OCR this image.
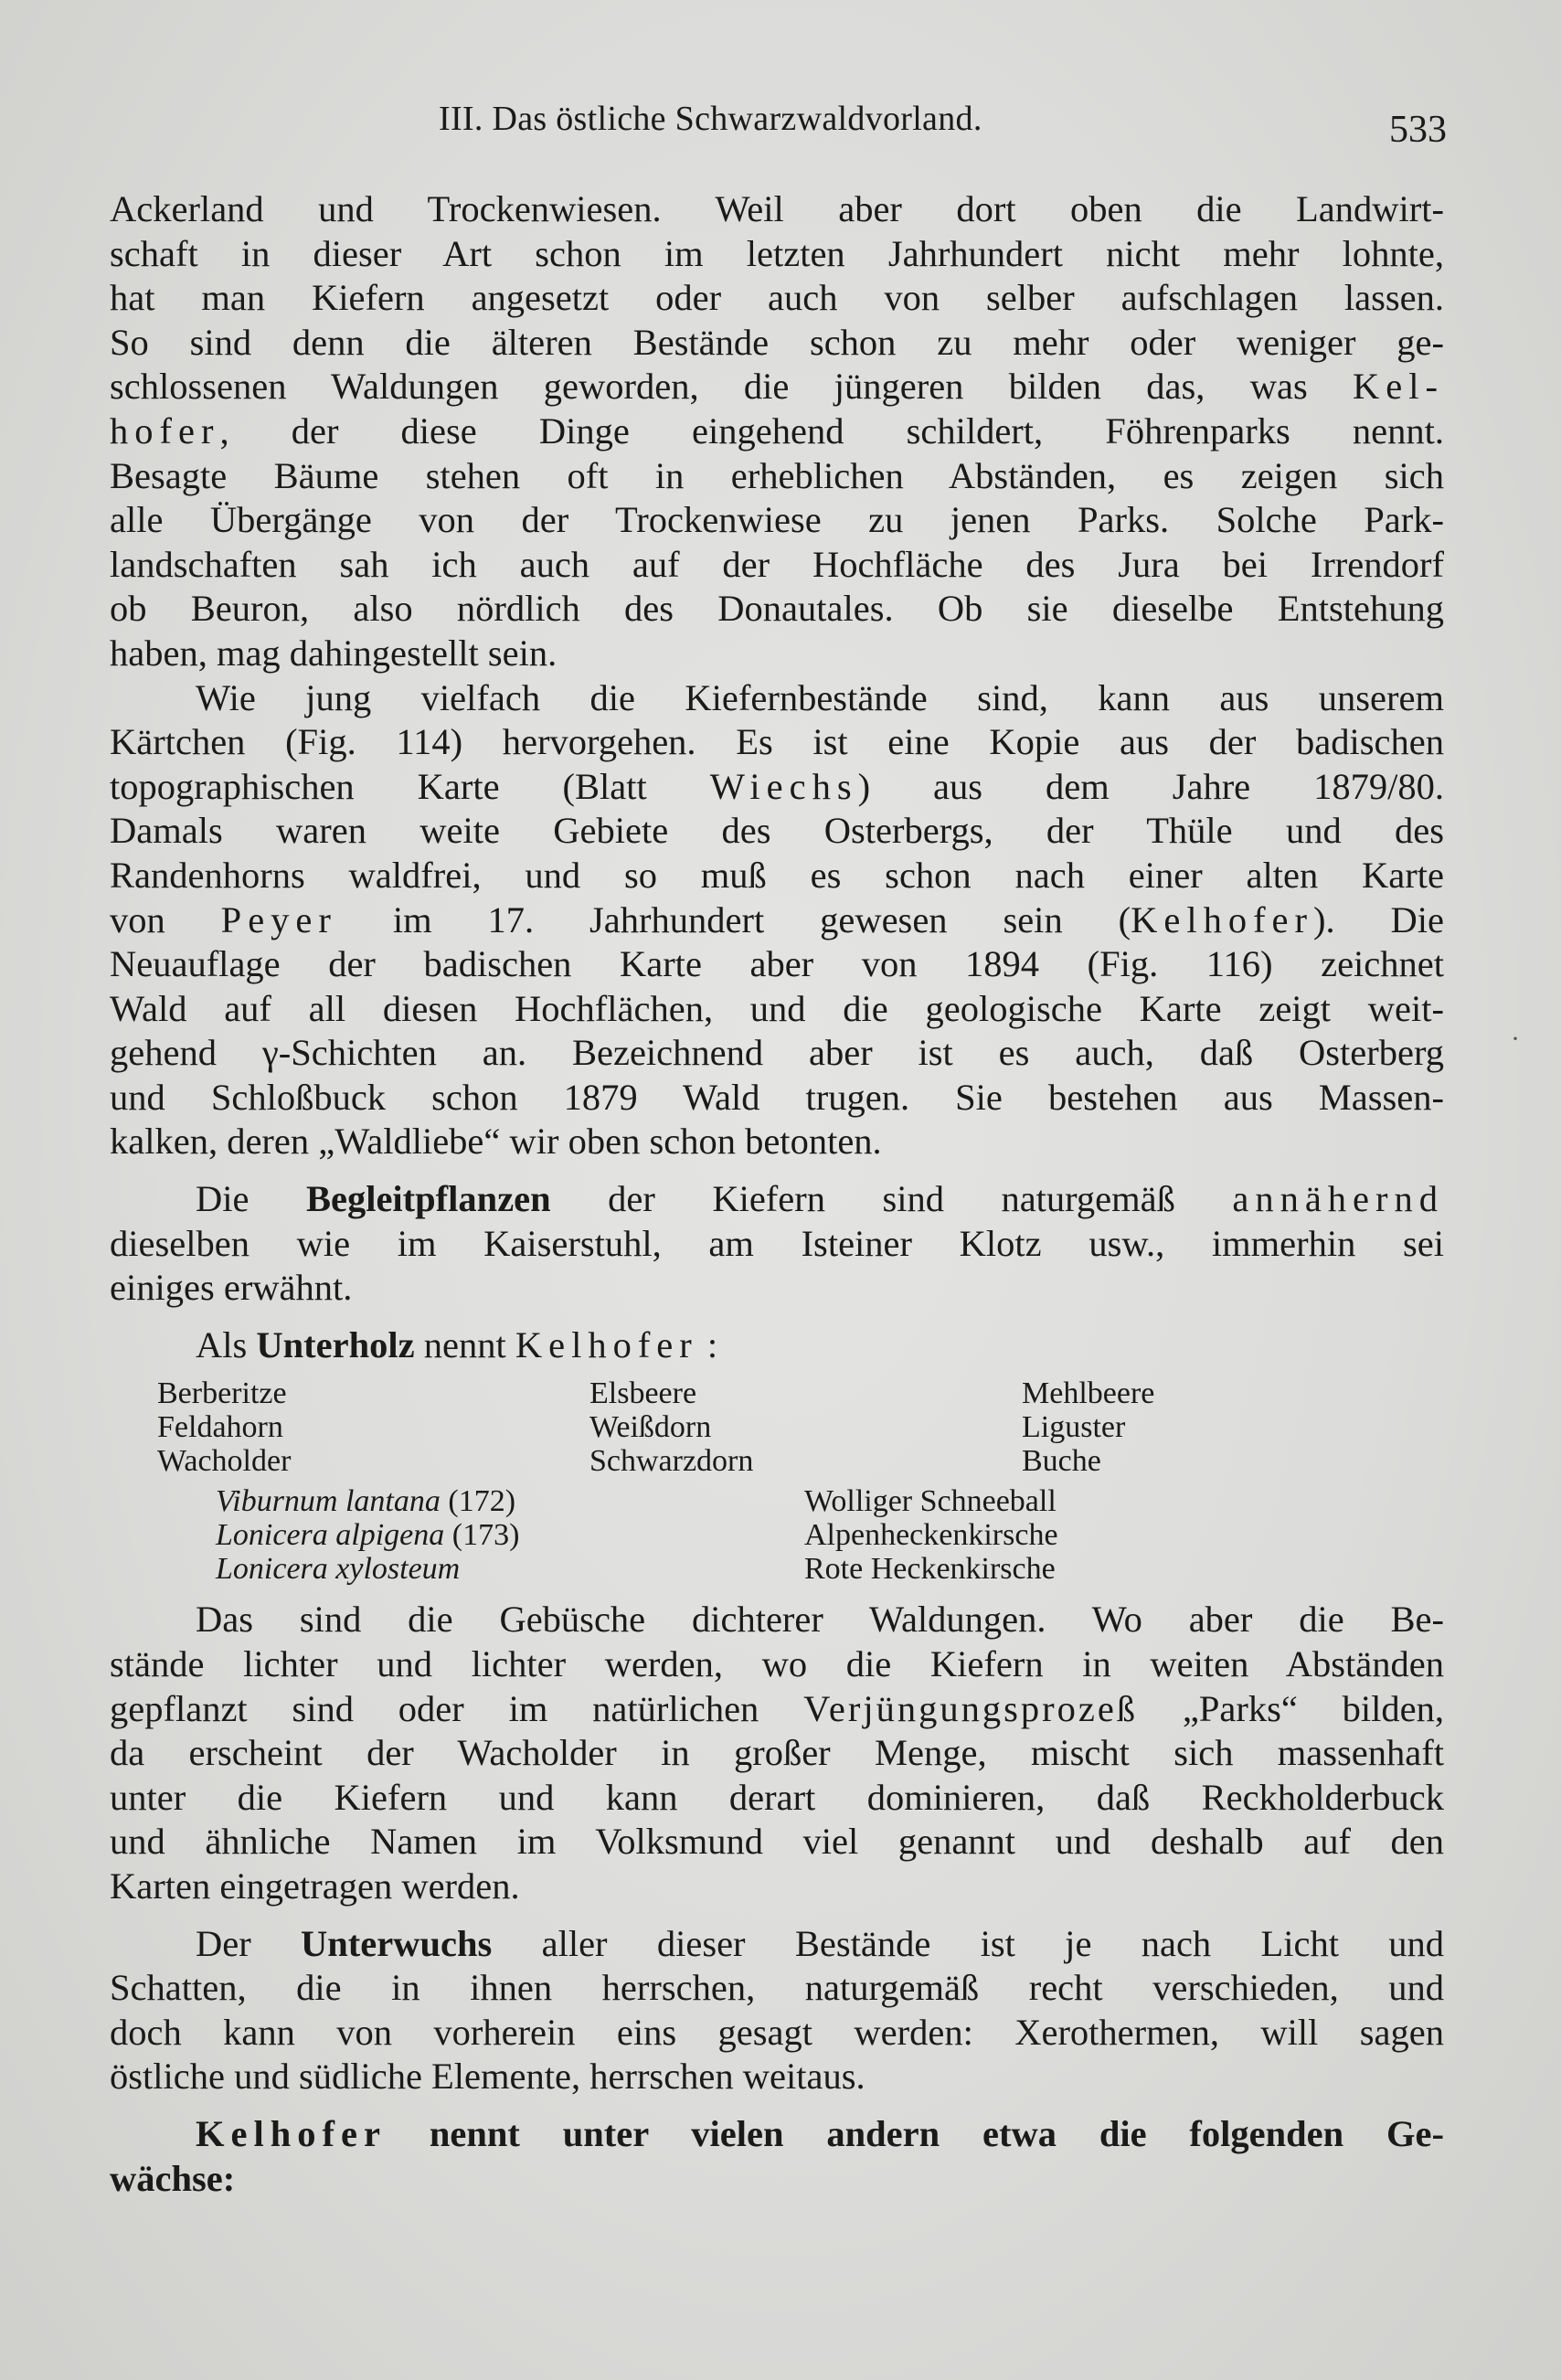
III. Das östliche Schwarzwaldvorland.	533
Ackerland und Trockenwiesen. Weil aber dort oben die Landwirt-
schaft in dieser Art schon im letzten Jahrhundert nicht mehr lohnte,
hat man Kiefern angesetzt oder auch von selber aufschlagen lassen.
So sind denn die älteren Bestände schon zu mehr oder weniger ge-
schlossenen Waldungen geworden, die jüngeren bilden das, was Kel-
hofer, der diese Dinge eingehend schildert, Föhrenparks nennt.
Besagte Bäume stehen oft in erheblichen Abständen, es zeigen sich
alle Übergänge von der Trockenwiese zu jenen Parks. Solche Park-
landschaften sah ich auch auf der Hochfläche des Jura bei Irrendorf
ob Beuron, also nördlich des Donautales. Ob sie dieselbe Entstehung
haben, mag dahingestellt sein.
Wie jung vielfach die Kiefernbestände sind, kann aus unserem
Kärtchen (Fig. 114) hervorgehen. Es ist eine Kopie aus der badischen
topographischen Karte (Blatt Wiechs) aus dem Jahre 1879/80.
Damals waren weite Gebiete des Osterbergs, der Thüle und des
Randenhorns waldfrei, und so muß es schon nach einer alten Karte
von Peyer im 17. Jahrhundert gewesen sein (Kelhofer). Die
Neuauflage der badischen Karte aber von 1894 (Fig. 116) zeichnet
Wald auf all diesen Hochflächen, und die geologische Karte zeigt weit-
gehend γ-Schichten an. Bezeichnend aber ist es auch, daß Osterberg
und Schloßbuck schon 1879 Wald trugen. Sie bestehen aus Massen-
kalken, deren „Waldliebe“ wir oben schon betonten.
Die Begleitpflanzen der Kiefern sind naturgemäß annähernd
dieselben wie im Kaiserstuhl, am Isteiner Klotz usw., immerhin sei
einiges erwähnt.
Als Unterholz nennt Kelhofer :
Berberitze
Feldahorn
Wacholder
Elsbeere
Weißdorn
Schwarzdorn
Mehlbeere
Liguster
Buche
Viburnum lantana (172)
Lonicera alpigena (173)
Lonicera xylosteum
Wolliger Schneeball
Alpenheckenkirsche
Rote Heckenkirsche
Das sind die Gebüsche dichterer Waldungen. Wo aber die Be-
stände lichter und lichter werden, wo die Kiefern in weiten Abständen
gepflanzt sind oder im natürlichen Verjüngungsprozeß „Parks“ bilden,
da erscheint der Wacholder in großer Menge, mischt sich massenhaft
unter die Kiefern und kann derart dominieren, daß Reckholderbuck
und ähnliche Namen im Volksmund viel genannt und deshalb auf den
Karten eingetragen werden.
Der Unterwuchs aller dieser Bestände ist je nach Licht und
Schatten, die in ihnen herrschen, naturgemäß recht verschieden, und
doch kann von vorherein eins gesagt werden: Xerothermen, will sagen
östliche und südliche Elemente, herrschen weitaus.
Kelhofer nennt unter vielen andern etwa die folgenden Ge-
wächse:
·
